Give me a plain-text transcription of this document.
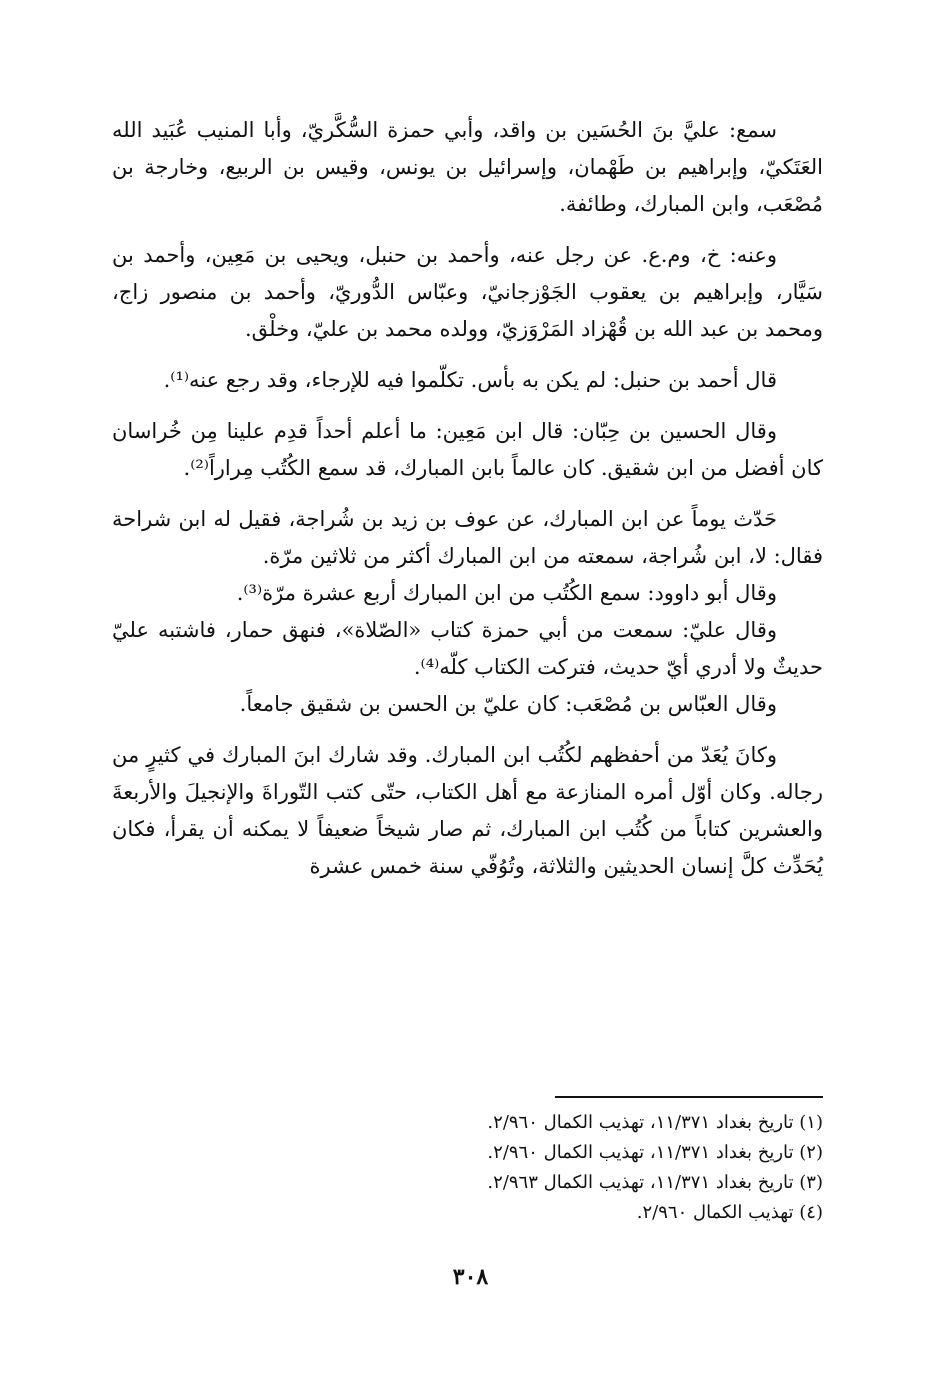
سمع: عليَّ بنَ الحُسَين بن واقد، وأبي حمزة السُّكَّريّ، وأبا المنيب عُبَيد الله العَتَكيّ، وإبراهيم بن طَهْمان، وإسرائيل بن يونس، وقيس بن الربيع، وخارجة بن مُصْعَب، وابن المبارك، وطائفة.

وعنه: خ، وم.ع. عن رجل عنه، وأحمد بن حنبل، ويحيى بن مَعِين، وأحمد بن سَيَّار، وإبراهيم بن يعقوب الجَوْزجانيّ، وعبّاس الدُّوريّ، وأحمد بن منصور زاج، ومحمد بن عبد الله بن قُهْزاد المَرْوَزيّ، وولده محمد بن عليّ، وخلْق.

قال أحمد بن حنبل: لم يكن به بأس. تكلّموا فيه للإرجاء، وقد رجع عنه⁽¹⁾.

وقال الحسين بن حِبّان: قال ابن مَعِين: ما أعلم أحداً قدِم علينا مِن خُراسان كان أفضل من ابن شقيق. كان عالماً بابن المبارك، قد سمع الكُتُب مِراراً⁽²⁾.

حَدّث يوماً عن ابن المبارك، عن عوف بن زيد بن شُراجة، فقيل له ابن شراحة فقال: لا، ابن شُراجة، سمعته من ابن المبارك أكثر من ثلاثين مرّة.

وقال أبو داوود: سمع الكُتُب من ابن المبارك أربع عشرة مرّة⁽³⁾.

وقال عليّ: سمعت من أبي حمزة كتاب «الصّلاة»، فنهق حمار، فاشتبه عليّ حديثٌ ولا أدري أيّ حديث، فتركت الكتاب كلّه⁽⁴⁾.

وقال العبّاس بن مُصْعَب: كان عليّ بن الحسن بن شقيق جامعاً.

وكانَ يُعَدّ من أحفظهم لكُتُب ابن المبارك. وقد شارك ابنَ المبارك في كثيرٍ من رجاله. وكان أوّل أمره المنازعة مع أهل الكتاب، حتّى كتب التّوراةَ والإنجيلَ والأربعةَ والعشرين كتاباً من كُتُب ابن المبارك، ثم صار شيخاً ضعيفاً لا يمكنه أن يقرأ، فكان يُحَدِّث كلَّ إنسان الحديثين والثلاثة، وتُوُفّي سنة خمس عشرة

(١) تاريخ بغداد ١١/٣٧١، تهذيب الكمال ٢/٩٦٠.
(٢) تاريخ بغداد ١١/٣٧١، تهذيب الكمال ٢/٩٦٠.
(٣) تاريخ بغداد ١١/٣٧١، تهذيب الكمال ٢/٩٦٣.
(٤) تهذيب الكمال ٢/٩٦٠.
٣٠٨
